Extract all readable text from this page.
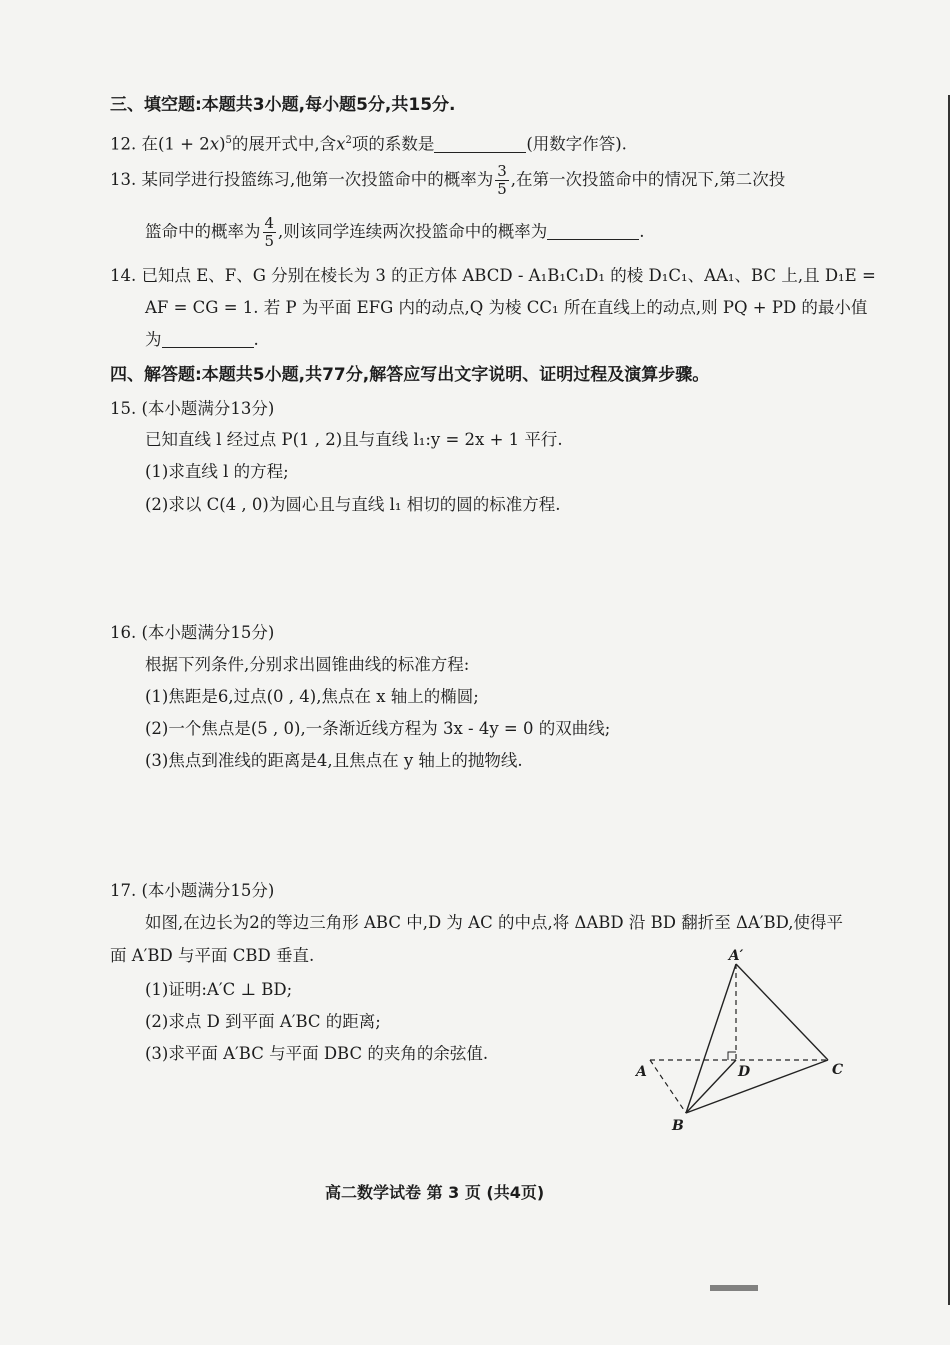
三、填空题:本题共3小题,每小题5分,共15分.
12. 在$(1 + 2x)^5$的展开式中,含$x^2$项的系数是	(用数字作答).
13. 某同学进行投篮练习,他第一次投篮命中的概率为 $\frac{3}{5}$ ,在第一次投篮命中的情况下,第二次投
篮命中的概率为 $\frac{4}{5}$ ,则该同学连续两次投篮命中的概率为	.
14. 已知点 E、F、G 分别在棱长为 3 的正方体 ABCD - A₁B₁C₁D₁ 的棱 D₁C₁、AA₁、BC 上,且 D₁E =
AF = CG = 1. 若 P 为平面 EFG 内的动点,Q 为棱 CC₁ 所在直线上的动点,则 PQ + PD 的最小值
为	.
四、解答题:本题共5小题,共77分,解答应写出文字说明、证明过程及演算步骤。
15. (本小题满分13分)
已知直线 l 经过点 P(1 , 2)且与直线 l₁:y = 2x + 1 平行.
(1)求直线 l 的方程;
(2)求以 C(4 , 0)为圆心且与直线 l₁ 相切的圆的标准方程.
16. (本小题满分15分)
根据下列条件,分别求出圆锥曲线的标准方程:
(1)焦距是6,过点(0 , 4),焦点在 x 轴上的椭圆;
(2)一个焦点是(5 , 0),一条渐近线方程为 3x - 4y = 0 的双曲线;
(3)焦点到准线的距离是4,且焦点在 y 轴上的抛物线.
17. (本小题满分15分)
如图,在边长为2的等边三角形 ABC 中,D 为 AC 的中点,将 ΔABD 沿 BD 翻折至 ΔA′BD,使得平
面 A′BD 与平面 CBD 垂直.
(1)证明:A′C ⊥ BD;
(2)求点 D 到平面 A′BC 的距离;
(3)求平面 A′BC 与平面 DBC 的夹角的余弦值.
A′
A	D	C
B
高二数学试卷 第 3 页 (共4页)
